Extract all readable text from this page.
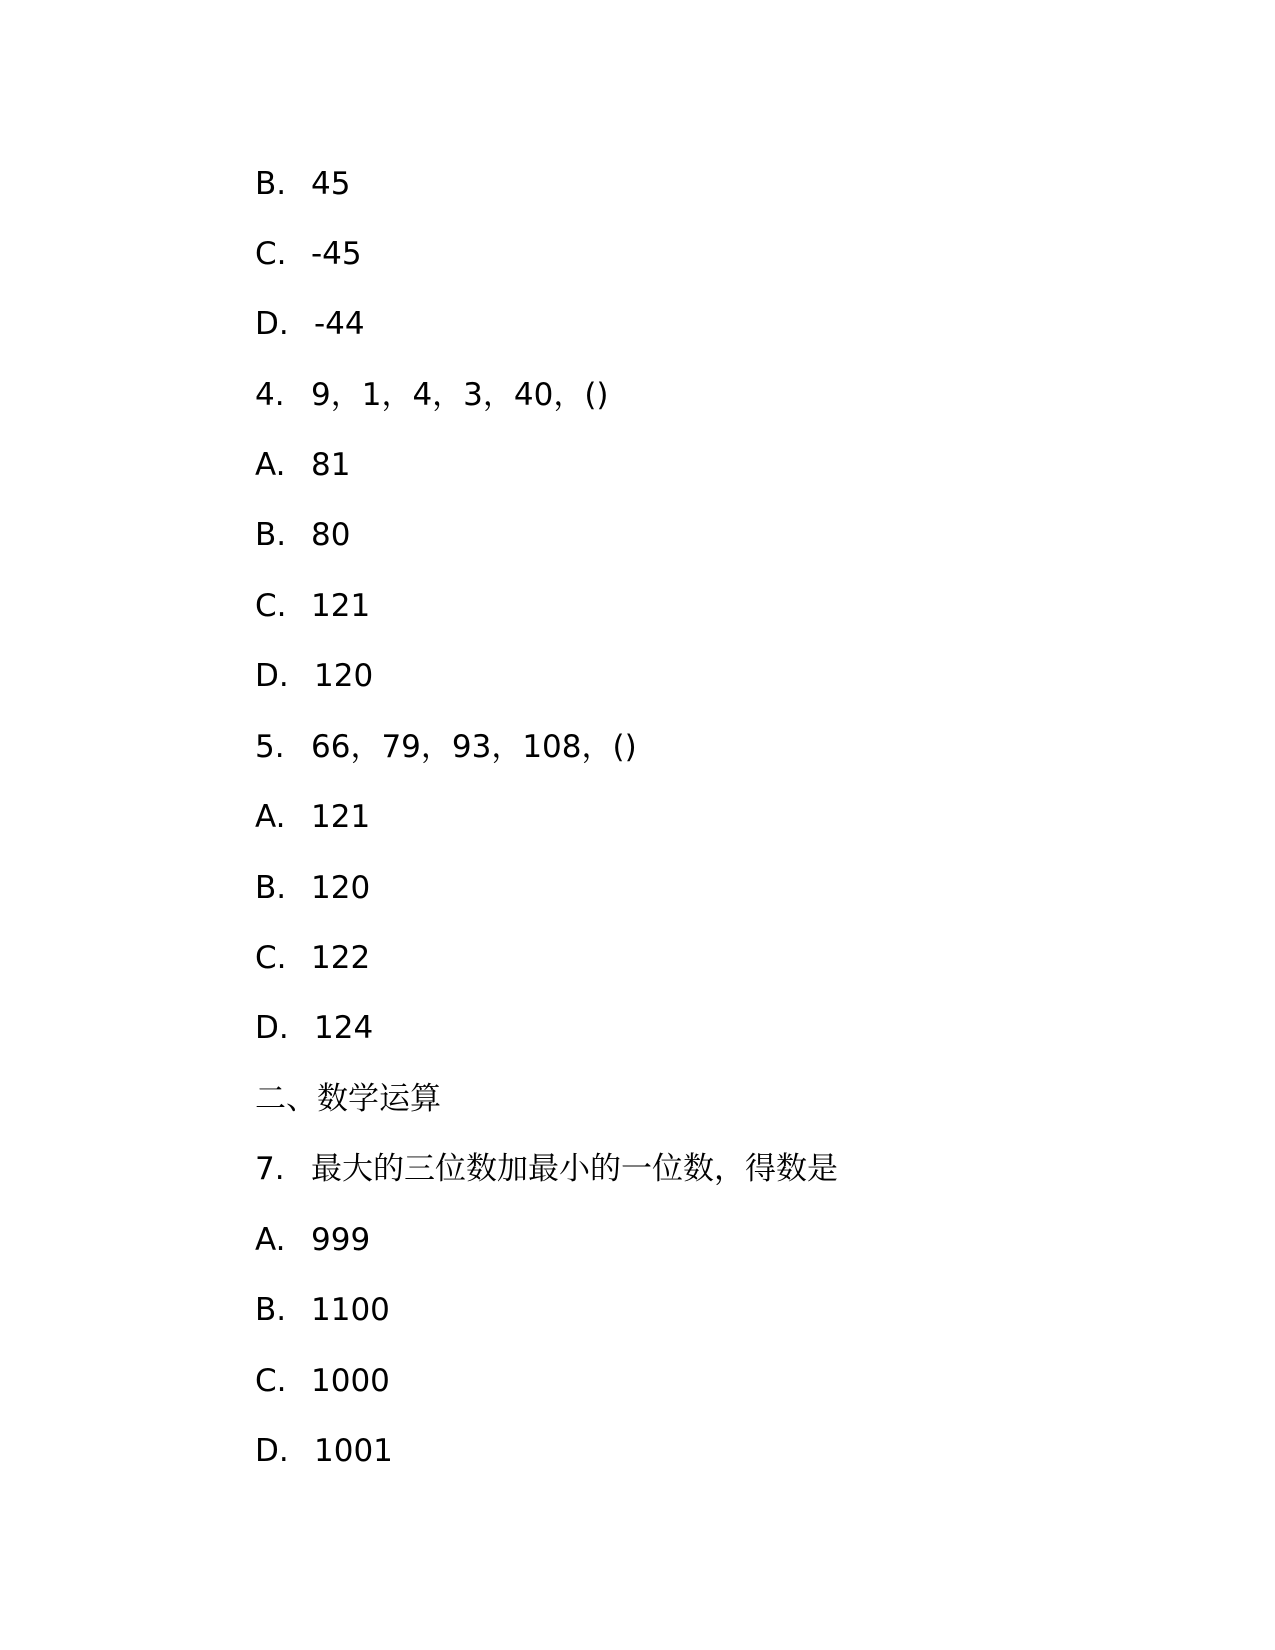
B. 45
C. -45
D. -44
4. 9，1，4，3，40，()
A. 81
B. 80
C. 121
D. 120
5. 66，79，93，108，()
A. 121
B. 120
C. 122
D. 124
二、数学运算
7. 最大的三位数加最小的一位数，得数是
A. 999
B. 1100
C. 1000
D. 1001
